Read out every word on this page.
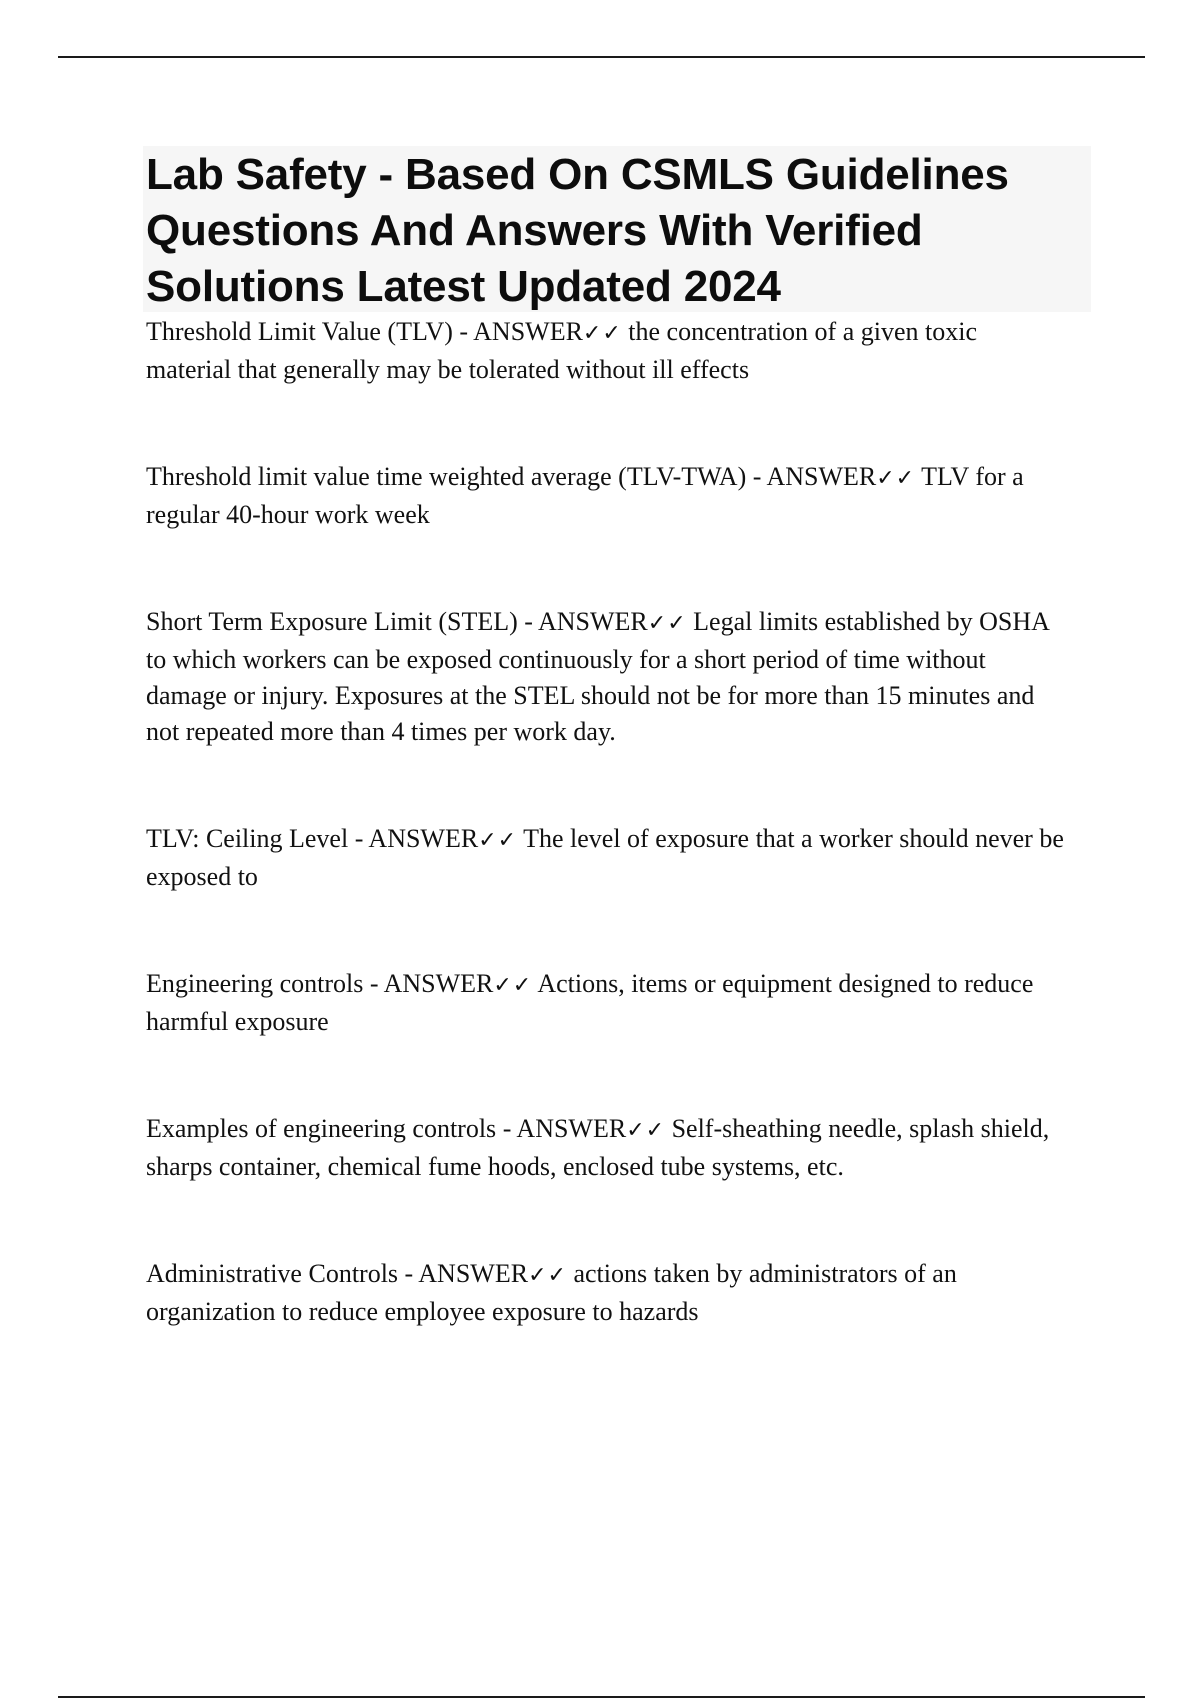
Lab Safety - Based On CSMLS Guidelines Questions And Answers With Verified Solutions Latest Updated 2024
Threshold Limit Value (TLV) - ANSWER✓✓ the concentration of a given toxic material that generally may be tolerated without ill effects
Threshold limit value time weighted average (TLV-TWA) - ANSWER✓✓ TLV for a regular 40-hour work week
Short Term Exposure Limit (STEL) - ANSWER✓✓ Legal limits established by OSHA to which workers can be exposed continuously for a short period of time without damage or injury. Exposures at the STEL should not be for more than 15 minutes and not repeated more than 4 times per work day.
TLV: Ceiling Level - ANSWER✓✓ The level of exposure that a worker should never be exposed to
Engineering controls - ANSWER✓✓ Actions, items or equipment designed to reduce harmful exposure
Examples of engineering controls - ANSWER✓✓ Self-sheathing needle, splash shield, sharps container, chemical fume hoods, enclosed tube systems, etc.
Administrative Controls - ANSWER✓✓ actions taken by administrators of an organization to reduce employee exposure to hazards
